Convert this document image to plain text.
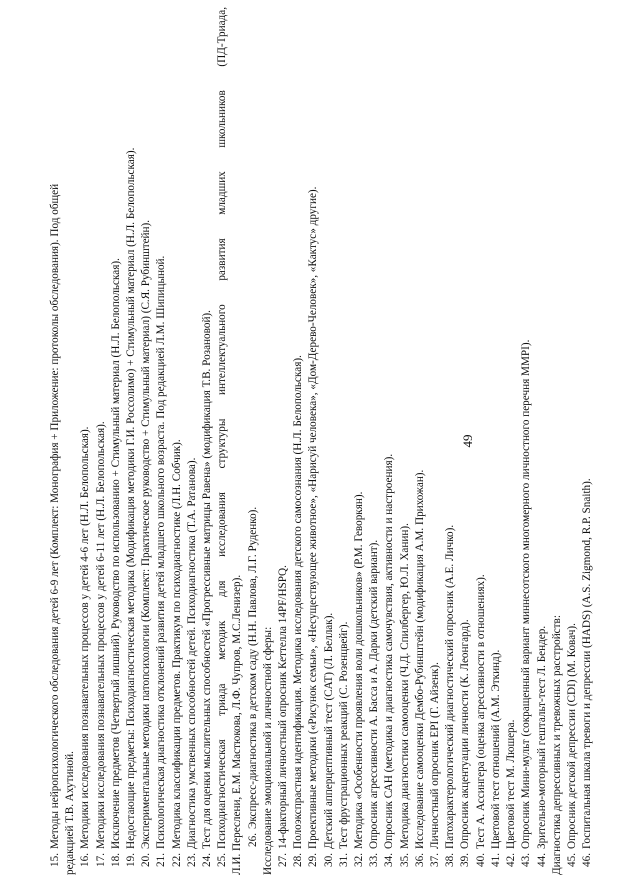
15.
Методы нейропсихологического обследования детей 6-9 лет (Комплект: Монография + Приложение: протоколы обследования). Под общей редакцией Т.В. Ахутиной. 16.
Методики исследования познавательных процессов у детей 4-6 лет (Н.Л. Белопольская).
17.
Методики исследования познавательных процессов у детей 6-11 лет (Н.Л. Белопольская).
18.
Исключение предметов (Четвертый лишний). Руководство по использованию + Стимульный материал (Н.Л. Белопольская).
19.
Недостающие предметы: Психодиагностическая методика (Модификация методики Г.И. Россолимо) + Стимульный материал (Н.Л. Белопольская).
20.
Экспериментальные методики патопсихологии (Комплект: Практическое руководство + Стимульный материал) (С.Я. Рубинштейн).
21.
Психологическая диагностика отклонений развития детей младшего школьного возраста. Под редакцией Л.М. Шипицыной.
22.
Методика классификации предметов. Практикум по психодиагностике (Л.Н. Собчик).
23.
Диагностика умственных способностей детей. Психодиагностика (Т.А. Ратанова).
24.
Тест для оценки мыслительных способностей «Прогрессивные матрицы Равена» (модификация Т.В. Розановой).
25.
Психодиагностическая триада методик для исследования структуры интеллектуального развития младших школьников (ПД-Триада, Л.И. Переслени, Е.М. Мастюкова, Л.Ф. Чупров, М.С.Ленизер). 26.
Экспресс-диагностика в детском саду (Н.Н. Павлова, Л.Г. Руденко). Исследование эмоциональной и личностной сферы: 27.
14-факторный личностный опросник Кеттелла 14PF/HSPQ.
28.
Полоэкспрастная идентификация. Методика исследования детского самосознания (Н.Л. Белопольская).
29.
Проективные методики («Рисунок семьи», «Несуществующее животное», «Нарисуй человека», «Дом-Дерево-Человек», «Кактус» другие).
30.
Детский апперцептивный тест (CAT) (Л. Беллак).
31.
Тест фрустрационных реакций (С. Розенцвейг).
32.
Методика «Особенности проявления воли дошкольников» (Р.М. Геворкян).
33.
Опросник агрессивности А. Басса и А. Дарки (детский вариант).
34.
Опросник САН (методика и диагностика самочувствия, активности и настроения).
35.
Методика диагностики самооценки (Ч.Д. Спилбергер, Ю.Л. Ханин).
36.
Исследование самооценки Дембо-Рубинштейн (модификация А.М. Прихожан).
37.
Личностный опросник EPI (Г. Айзенк).
38.
Патохарактерологический диагностический опросник (А.Е. Личко).
39.
Опросник акцентуации личности (К. Леонгард).
40.
Тест А. Ассингера (оценка агрессивности в отношениях).
41.
Цветовой тест отношений (А.М. Эткинд).
42.
Цветовой тест М. Люшера.
43.
Опросник Мини-мульт (сокращенный вариант миннесотского многомерного личностного перечня MMPI).
44.
Зрительно-моторный гештальт-тест Л. Бендер. Диагностика депрессивных и тревожных расстройств: 45.
Опросник детской депрессии (CDI) (М. Ковач).
46.
Госпитальная шкала тревоги и депрессии (HADS) (A.S. Zigmond, R.P. Snaith).
49
